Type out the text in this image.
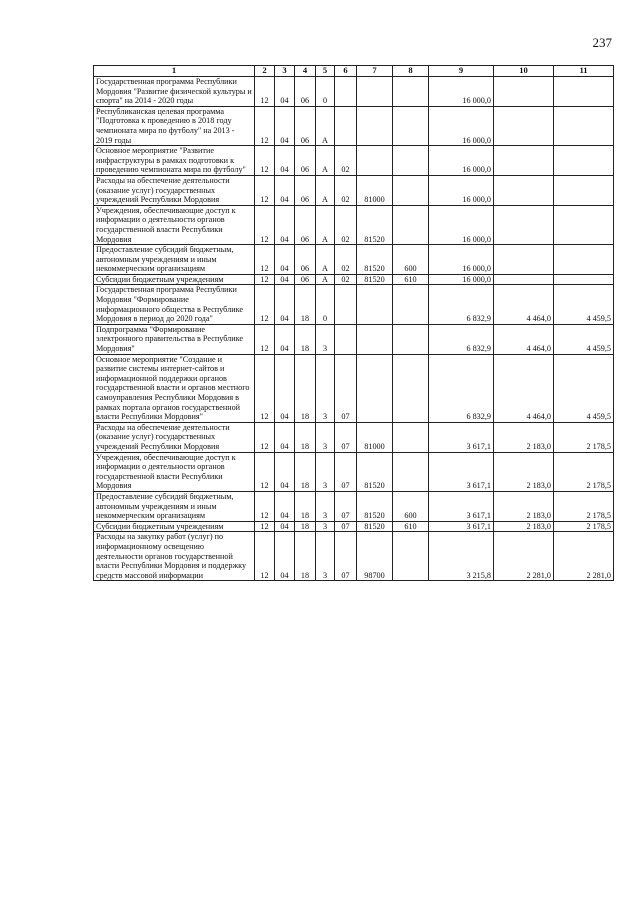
237
1	2	3	4	5	6	7	8	9	10	11
Государственная программа Республики Мордовия "Развитие физической культуры и спорта" на 2014 - 2020 годы	12	04	06	0				16 000,0		
Республиканская целевая программа "Подготовка к проведению в 2018 году чемпионата мира по футболу" на 2013 - 2019 годы	12	04	06	А				16 000,0		
Основное мероприятие "Развитие инфраструктуры в рамках подготовки к проведению чемпионата мира по футболу"	12	04	06	А	02			16 000,0		
Расходы на обеспечение деятельности (оказание услуг) государственных учреждений Республики Мордовия	12	04	06	А	02	81000		16 000,0		
Учреждения, обеспечивающие доступ к информации о деятельности органов государственной власти Республики Мордовия	12	04	06	А	02	81520		16 000,0		
Предоставление субсидий бюджетным, автономным учреждениям и иным некоммерческим организациям	12	04	06	А	02	81520	600	16 000,0		
Субсидии бюджетным учреждениям	12	04	06	А	02	81520	610	16 000,0		
Государственная программа Республики Мордовия "Формирование информационного общества в Республике Мордовия в период до 2020 года"	12	04	18	0				6 832,9	4 464,0	4 459,5
Подпрограмма "Формирование электронного правительства в Республике Мордовия"	12	04	18	3				6 832,9	4 464,0	4 459,5
Основное мероприятие "Создание и развитие системы интернет-сайтов и информационной поддержки органов государственной власти и органов местного самоуправления Республики Мордовия в рамках портала органов государственной власти Республики Мордовия"	12	04	18	3	07			6 832,9	4 464,0	4 459,5
Расходы на обеспечение деятельности (оказание услуг) государственных учреждений Республики Мордовия	12	04	18	3	07	81000		3 617,1	2 183,0	2 178,5
Учреждения, обеспечивающие доступ к информации о деятельности органов государственной власти Республики Мордовия	12	04	18	3	07	81520		3 617,1	2 183,0	2 178,5
Предоставление субсидий бюджетным, автономным учреждениям и иным некоммерческим организациям	12	04	18	3	07	81520	600	3 617,1	2 183,0	2 178,5
Субсидии бюджетным учреждениям	12	04	18	3	07	81520	610	3 617,1	2 183,0	2 178,5
Расходы на закупку работ (услуг) по информационному освещению деятельности органов государственной власти Республики Мордовия и поддержку средств массовой информации	12	04	18	3	07	98700		3 215,8	2 281,0	2 281,0
